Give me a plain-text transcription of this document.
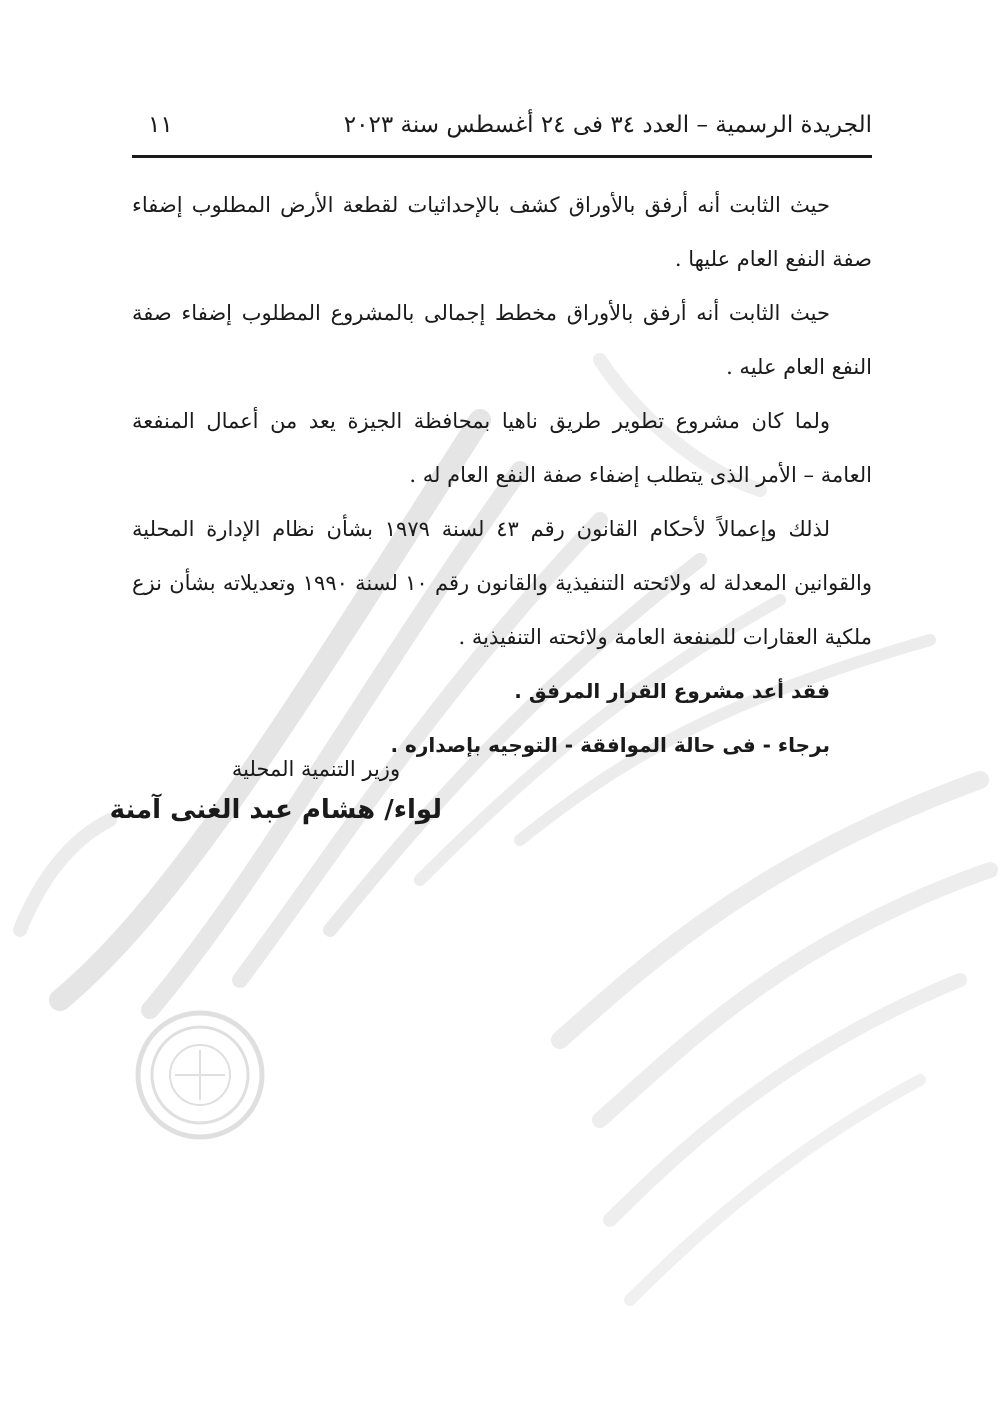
الجريدة الرسمية – العدد ٣٤ فى ٢٤ أغسطس سنة ٢٠٢٣
١١

حيث الثابت أنه أرفق بالأوراق كشف بالإحداثيات لقطعة الأرض المطلوب إضفاء صفة النفع العام عليها .

حيث الثابت أنه أرفق بالأوراق مخطط إجمالى بالمشروع المطلوب إضفاء صفة النفع العام عليه .

ولما كان مشروع تطوير طريق ناهيا بمحافظة الجيزة يعد من أعمال المنفعة العامة – الأمر الذى يتطلب إضفاء صفة النفع العام له .

لذلك وإعمالاً لأحكام القانون رقم ٤٣ لسنة ١٩٧٩ بشأن نظام الإدارة المحلية والقوانين المعدلة له ولائحته التنفيذية والقانون رقم ١٠ لسنة ١٩٩٠ وتعديلاته بشأن نزع ملكية العقارات للمنفعة العامة ولائحته التنفيذية .

فقد أعد مشروع القرار المرفق .

برجاء - فى حالة الموافقة - التوجيه بإصداره .

وزير التنمية المحلية
لواء/ هشام عبد الغنى آمنة
